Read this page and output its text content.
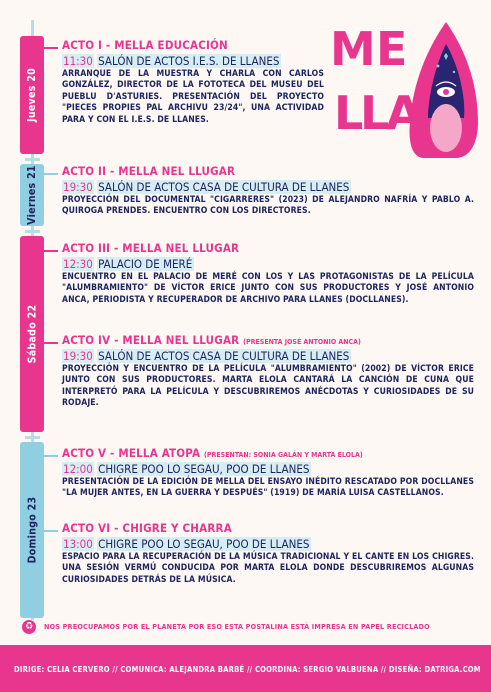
Jueves 20
Viernes 21
Sábado 22
Domingo 23
M E
L
L
A
ACTO I - MELLA EDUCACIÓN
11:30 SALÓN DE ACTOS I.E.S. DE LLANES
ARRANQUE DE LA MUESTRA Y CHARLA CON CARLOS GONZÁLEZ, DIRECTOR DE LA FOTOTECA DEL MUSEU DEL PUEBLU D'ASTURIES. PRESENTACIÓN DEL PROYECTO "PIECES PROPIES PAL ARCHIVU 23/24", UNA ACTIVIDAD PARA Y CON EL I.E.S. DE LLANES.
ACTO II - MELLA NEL LLUGAR
19:30 SALÓN DE ACTOS CASA DE CULTURA DE LLANES
PROYECCIÓN DEL DOCUMENTAL "CIGARRERES" (2023) DE ALEJANDRO NAFRÍA Y PABLO A. QUIROGA PRENDES. ENCUENTRO CON LOS DIRECTORES.
ACTO III - MELLA NEL LLUGAR
12:30 PALACIO DE MERÉ
ENCUENTRO EN EL PALACIO DE MERÉ CON LOS Y LAS PROTAGONISTAS DE LA PELÍCULA "ALUMBRAMIENTO" DE VÍCTOR ERICE JUNTO CON SUS PRODUCTORES Y JOSÉ ANTONIO ANCA, PERIODISTA Y RECUPERADOR DE ARCHIVO PARA LLANES (DOCLLANES).
ACTO IV - MELLA NEL LLUGAR (PRESENTA JOSÉ ANTONIO ANCA)
19:30 SALÓN DE ACTOS CASA DE CULTURA DE LLANES
PROYECCIÓN Y ENCUENTRO DE LA PELÍCULA "ALUMBRAMIENTO" (2002) DE VÍCTOR ERICE JUNTO CON SUS PRODUCTORES. MARTA ELOLA CANTARÁ LA CANCIÓN DE CUNA QUE INTERPRETÓ PARA LA PELÍCULA Y DESCUBRIREMOS ANÉCDOTAS Y CURIOSIDADES DE SU RODAJE.
ACTO V - MELLA ATOPA (PRESENTAN: SONIA GALÁN Y MARTA ELOLA)
12:00 CHIGRE POO LO SEGAU, POO DE LLANES
PRESENTACIÓN DE LA EDICIÓN DE MELLA DEL ENSAYO INÉDITO RESCATADO POR DOCLLANES "LA MUJER ANTES, EN LA GUERRA Y DESPUÉS" (1919) DE MARÍA LUISA CASTELLANOS.
ACTO VI - CHIGRE Y CHARRA
13:00 CHIGRE POO LO SEGAU, POO DE LLANES
ESPACIO PARA LA RECUPERACIÓN DE LA MÚSICA TRADICIONAL Y EL CANTE EN LOS CHIGRES. UNA SESIÓN VERMÚ CONDUCIDA POR MARTA ELOLA DONDE DESCUBRIREMOS ALGUNAS CURIOSIDADES DETRÁS DE LA MÚSICA.
♻	NOS PREOCUPAMOS POR EL PLANETA POR ESO ESTA POSTALINA ESTÁ IMPRESA EN PAPEL RECICLADO
DIRIGE: CELIA CERVERO // COMUNICA: ALEJANDRA BARBÉ // COORDINA: SERGIO VALBUENA // DISEÑA: DATRIGA.COM
